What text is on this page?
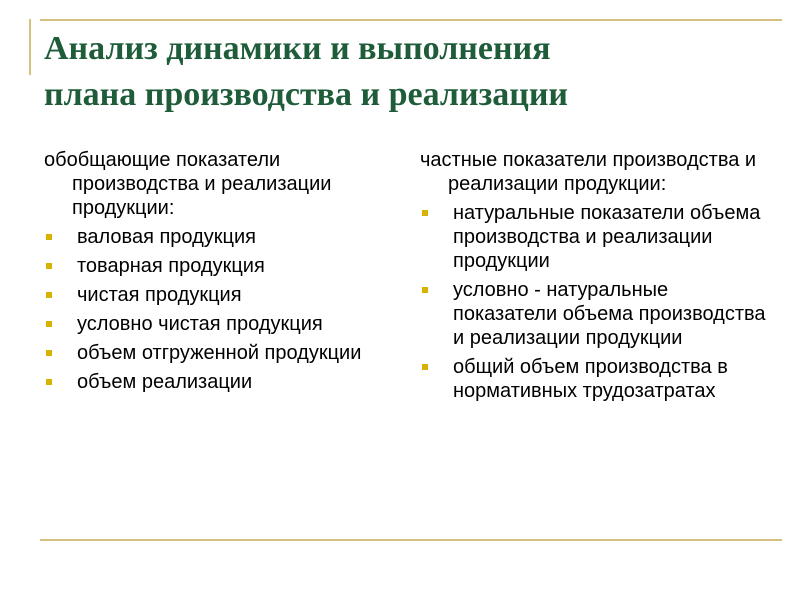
Анализ динамики и выполнения
плана производства и реализации

обобщающие показатели производства и реализации продукции:

валовая продукция
товарная продукция
чистая продукция
условно чистая продукция
объем отгруженной продукции
объем реализации

частные показатели производства и реализации продукции:

натуральные показатели объема производства и реализации продукции
условно - натуральные показатели объема производства и реализации продукции
общий объем производства в нормативных трудозатратах
